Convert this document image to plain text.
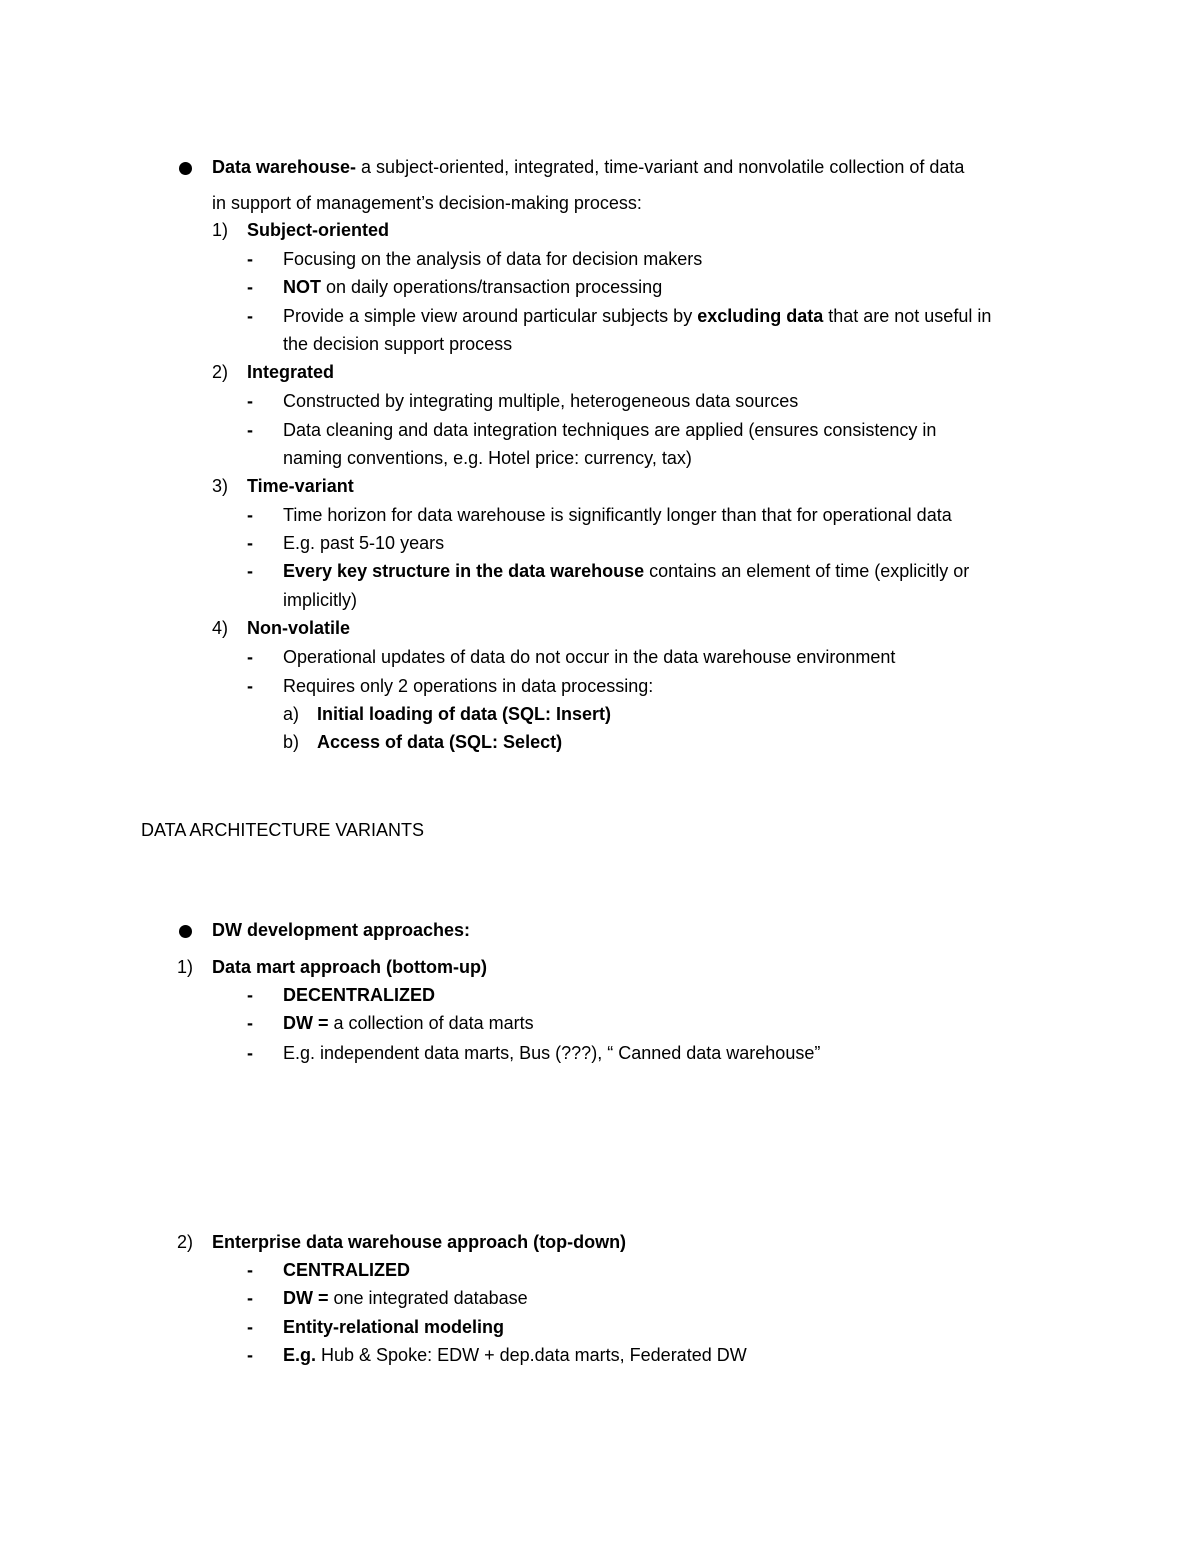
Data warehouse- a subject-oriented, integrated, time-variant and nonvolatile collection of data
in support of management’s decision-making process:
1) Subject-oriented
- Focusing on the analysis of data for decision makers
- NOT on daily operations/transaction processing
- Provide a simple view around particular subjects by excluding data that are not useful in
the decision support process
2) Integrated
- Constructed by integrating multiple, heterogeneous data sources
- Data cleaning and data integration techniques are applied (ensures consistency in
naming conventions, e.g. Hotel price: currency, tax)
3) Time-variant
- Time horizon for data warehouse is significantly longer than that for operational data
- E.g. past 5-10 years
- Every key structure in the data warehouse contains an element of time (explicitly or
implicitly)
4) Non-volatile
- Operational updates of data do not occur in the data warehouse environment
- Requires only 2 operations in data processing:
a) Initial loading of data (SQL: Insert)
b) Access of data (SQL: Select)
DATA ARCHITECTURE VARIANTS
DW development approaches:
1) Data mart approach (bottom-up)
- DECENTRALIZED
- DW = a collection of data marts
- E.g. independent data marts, Bus (???), “ Canned data warehouse”
2) Enterprise data warehouse approach (top-down)
- CENTRALIZED
- DW = one integrated database
- Entity-relational modeling
- E.g. Hub & Spoke: EDW + dep.data marts, Federated DW
